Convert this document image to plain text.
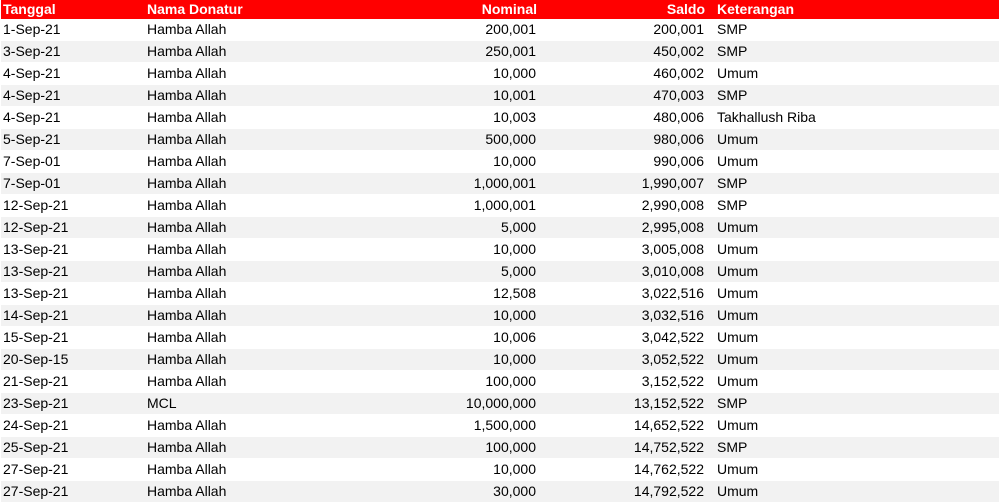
Tanggal	Nama Donatur	Nominal	Saldo	Keterangan
1-Sep-21	Hamba Allah	200,001	200,001	SMP
3-Sep-21	Hamba Allah	250,001	450,002	SMP
4-Sep-21	Hamba Allah	10,000	460,002	Umum
4-Sep-21	Hamba Allah	10,001	470,003	SMP
4-Sep-21	Hamba Allah	10,003	480,006	Takhallush Riba
5-Sep-21	Hamba Allah	500,000	980,006	Umum
7-Sep-01	Hamba Allah	10,000	990,006	Umum
7-Sep-01	Hamba Allah	1,000,001	1,990,007	SMP
12-Sep-21	Hamba Allah	1,000,001	2,990,008	SMP
12-Sep-21	Hamba Allah	5,000	2,995,008	Umum
13-Sep-21	Hamba Allah	10,000	3,005,008	Umum
13-Sep-21	Hamba Allah	5,000	3,010,008	Umum
13-Sep-21	Hamba Allah	12,508	3,022,516	Umum
14-Sep-21	Hamba Allah	10,000	3,032,516	Umum
15-Sep-21	Hamba Allah	10,006	3,042,522	Umum
20-Sep-15	Hamba Allah	10,000	3,052,522	Umum
21-Sep-21	Hamba Allah	100,000	3,152,522	Umum
23-Sep-21	MCL	10,000,000	13,152,522	SMP
24-Sep-21	Hamba Allah	1,500,000	14,652,522	Umum
25-Sep-21	Hamba Allah	100,000	14,752,522	SMP
27-Sep-21	Hamba Allah	10,000	14,762,522	Umum
27-Sep-21	Hamba Allah	30,000	14,792,522	Umum
